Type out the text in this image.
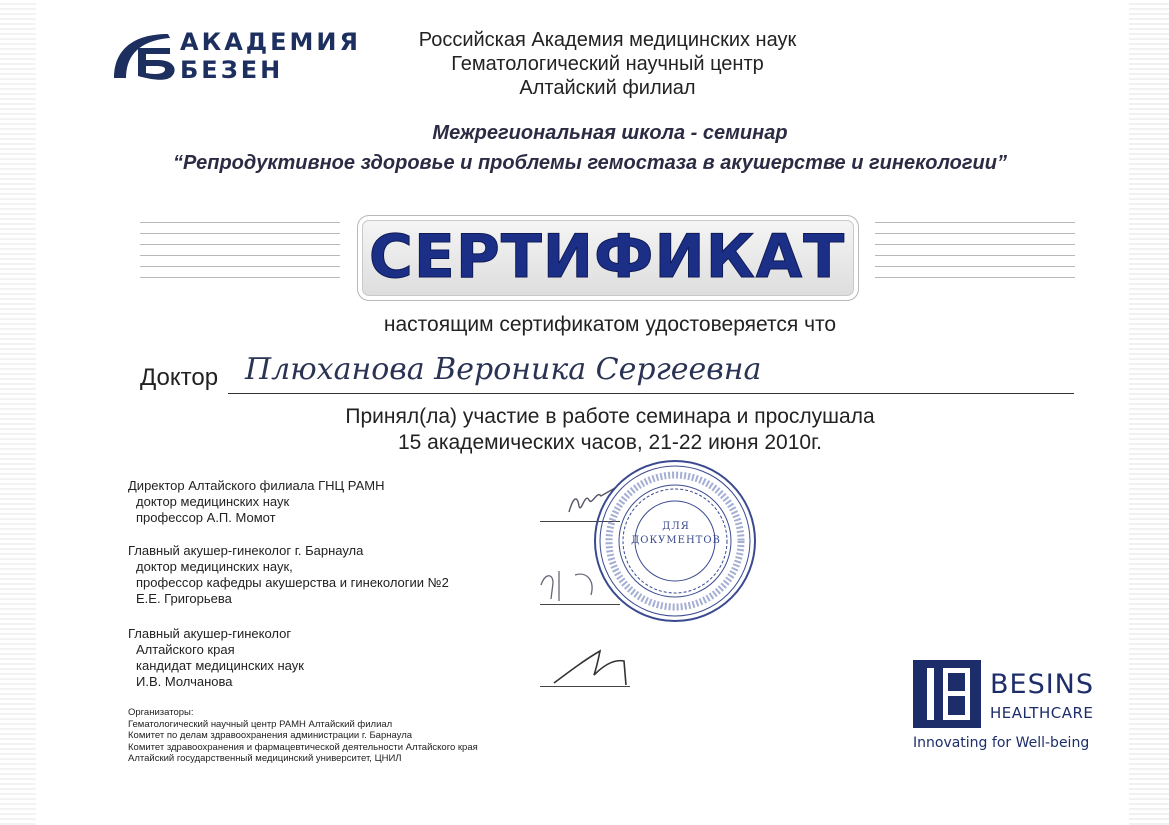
АКАДЕМИЯ
БЕЗЕН
Российская Академия медицинских наук
Гематологический научный центр
Алтайский филиал
Межрегиональная школа - семинар
“Репродуктивное здоровье и проблемы гемостаза в акушерстве и гинекологии”
СЕРТИФИКАТ
настоящим сертификатом удостоверяется что
Доктор Плюханова Вероника Сергеевна
Принял(ла) участие в работе семинара и прослушала
15 академических часов, 21-22 июня 2010г.
Директор Алтайского филиала ГНЦ РАМН
доктор медицинских наук
профессор А.П. Момот
Главный акушер-гинеколог г. Барнаула
доктор медицинских наук,
профессор кафедры акушерства и гинекологии №2
Е.Е. Григорьева
Главный акушер-гинеколог
Алтайского края
кандидат медицинских наук
И.В. Молчанова
ДЛЯ
ДОКУМЕНТОВ
Организаторы:
Гематологический научный центр РАМН Алтайский филиал
Комитет по делам здравоохранения администрации г. Барнаула
Комитет здравоохранения и фармацевтической деятельности Алтайского края
Алтайский государственный медицинский университет, ЦНИЛ
BESINS
HEALTHCARE
Innovating for Well-being
